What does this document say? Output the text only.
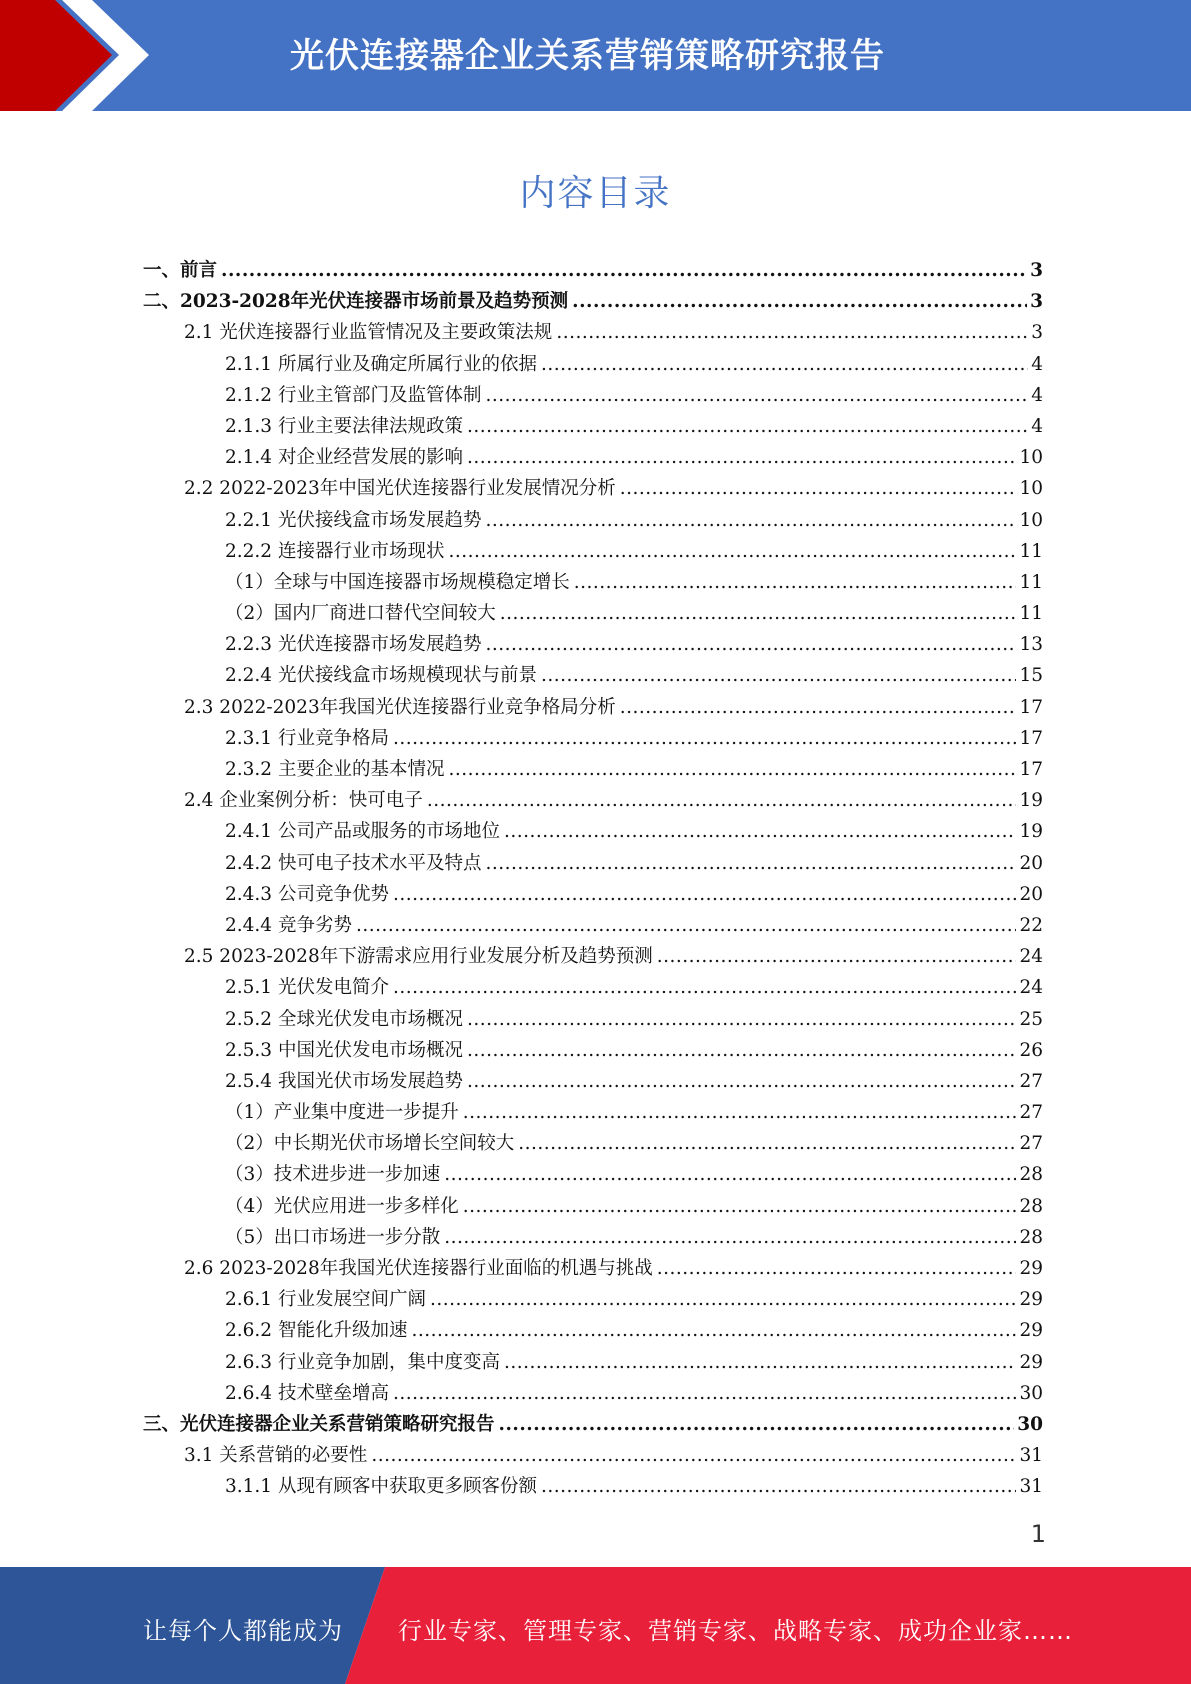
光伏连接器企业关系营销策略研究报告
内容目录
一、前言 .....	3
二、2023-2028年光伏连接器市场前景及趋势预测 .....	3
2.1 光伏连接器行业监管情况及主要政策法规 .....	3
2.1.1 所属行业及确定所属行业的依据 .....	4
2.1.2 行业主管部门及监管体制 .....	4
2.1.3 行业主要法律法规政策 .....	4
2.1.4 对企业经营发展的影响 .....	10
2.2 2022-2023年中国光伏连接器行业发展情况分析 .....	10
2.2.1 光伏接线盒市场发展趋势 .....	10
2.2.2 连接器行业市场现状 .....	11
（1）全球与中国连接器市场规模稳定增长 .....	11
（2）国内厂商进口替代空间较大 .....	11
2.2.3 光伏连接器市场发展趋势 .....	13
2.2.4 光伏接线盒市场规模现状与前景 .....	15
2.3 2022-2023年我国光伏连接器行业竞争格局分析 .....	17
2.3.1 行业竞争格局 .....	17
2.3.2 主要企业的基本情况 .....	17
2.4 企业案例分析：快可电子 .....	19
2.4.1 公司产品或服务的市场地位 .....	19
2.4.2 快可电子技术水平及特点 .....	20
2.4.3 公司竞争优势 .....	20
2.4.4 竞争劣势 .....	22
2.5 2023-2028年下游需求应用行业发展分析及趋势预测 .....	24
2.5.1 光伏发电简介 .....	24
2.5.2 全球光伏发电市场概况 .....	25
2.5.3 中国光伏发电市场概况 .....	26
2.5.4 我国光伏市场发展趋势 .....	27
（1）产业集中度进一步提升 .....	27
（2）中长期光伏市场增长空间较大 .....	27
（3）技术进步进一步加速 .....	28
（4）光伏应用进一步多样化 .....	28
（5）出口市场进一步分散 .....	28
2.6 2023-2028年我国光伏连接器行业面临的机遇与挑战 .....	29
2.6.1 行业发展空间广阔 .....	29
2.6.2 智能化升级加速 .....	29
2.6.3 行业竞争加剧，集中度变高 .....	29
2.6.4 技术壁垒增高 .....	30
三、光伏连接器企业关系营销策略研究报告 .....	30
3.1 关系营销的必要性 .....	31
3.1.1 从现有顾客中获取更多顾客份额 .....	31
1
让每个人都能成为 行业专家、管理专家、营销专家、战略专家、成功企业家……
